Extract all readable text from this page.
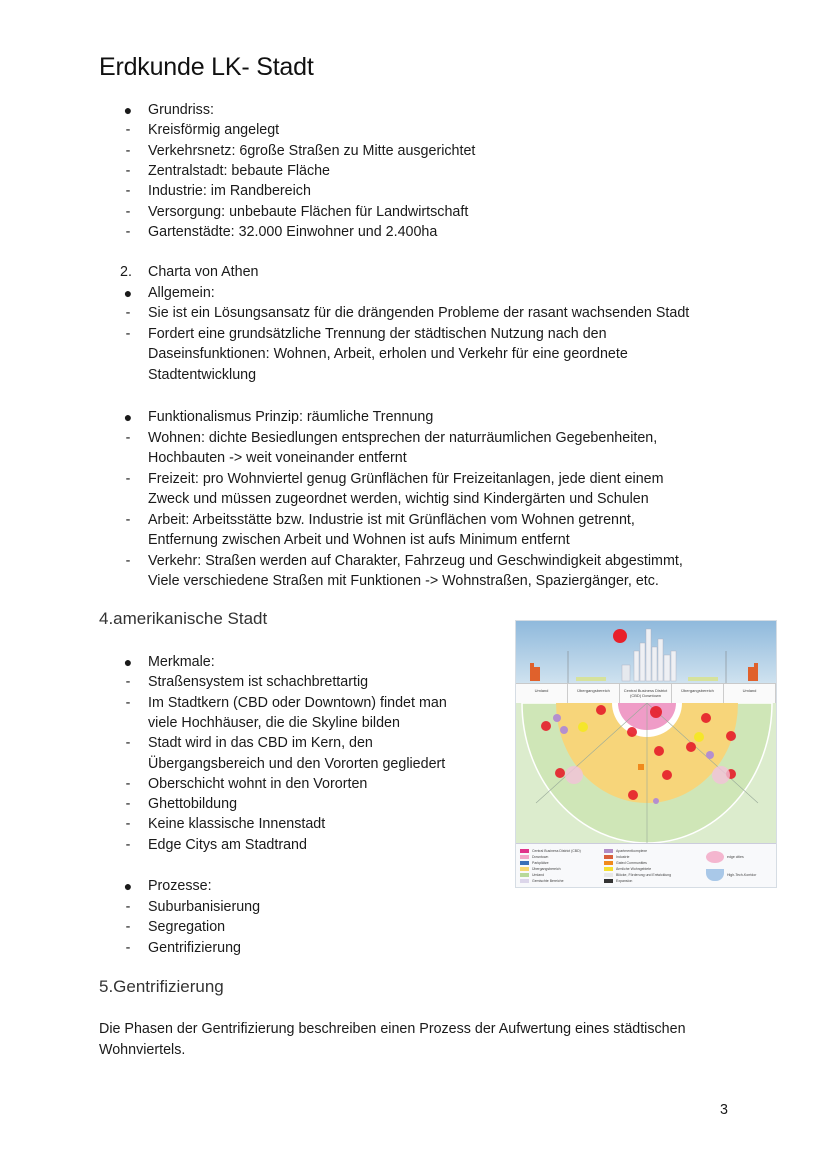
Erdkunde LK- Stadt
● Grundriss:
-	Kreisförmig angelegt
-	Verkehrsnetz: 6große Straßen zu Mitte ausgerichtet
-	Zentralstadt: bebaute Fläche
-	Industrie: im Randbereich
-	Versorgung: unbebaute Flächen für Landwirtschaft
-	Gartenstädte: 32.000 Einwohner und 2.400ha
2.	Charta von Athen
● Allgemein:
-	Sie ist ein Lösungsansatz für die drängenden Probleme der rasant wachsenden Stadt
-	Fordert eine grundsätzliche Trennung der städtischen Nutzung nach den
Daseinsfunktionen: Wohnen, Arbeit, erholen und Verkehr für eine geordnete
Stadtentwicklung
● Funktionalismus Prinzip: räumliche Trennung
-	Wohnen: dichte Besiedlungen entsprechen der naturräumlichen Gegebenheiten,
Hochbauten -> weit voneinander entfernt
-	Freizeit: pro Wohnviertel genug Grünflächen für Freizeitanlagen, jede dient einem
Zweck und müssen zugeordnet werden, wichtig sind Kindergärten und Schulen
-	Arbeit: Arbeitsstätte bzw. Industrie ist mit Grünflächen vom Wohnen getrennt,
Entfernung zwischen Arbeit und Wohnen ist aufs Minimum entfernt
-	Verkehr: Straßen werden auf Charakter, Fahrzeug und Geschwindigkeit abgestimmt,
Viele verschiedene Straßen mit Funktionen -> Wohnstraßen, Spaziergänger, etc.
4.amerikanische Stadt
● Merkmale:
-	Straßensystem ist schachbrettartig
-	Im Stadtkern (CBD oder Downtown) findet man
viele Hochhäuser, die die Skyline bilden
-	Stadt wird in das CBD im Kern, den
Übergangsbereich und den Vororten gegliedert
-	Oberschicht wohnt in den Vororten
-	Ghettobildung
-	Keine klassische Innenstadt
-	Edge Citys am Stadtrand
● Prozesse:
-	Suburbanisierung
-	Segregation
-	Gentrifizierung
Umland	Übergangsbereich	Central Business District (CBD) Downtown
Übergangsbereich	Umland
Central Business District (CBD)
Downtown
Parkplätze
Übergangsbereich
Umland
Gemischte Bereiche
Apartmentkomplexe
Industrie
Gated Communities
Ärmliche Wohngebiete
Blöcke, Förderung und Entwicklung
Expansion
edge cities
High-Tech-Korridor
5.Gentrifizierung
Die Phasen der Gentrifizierung beschreiben einen Prozess der Aufwertung eines städtischen
Wohnviertels.
3
